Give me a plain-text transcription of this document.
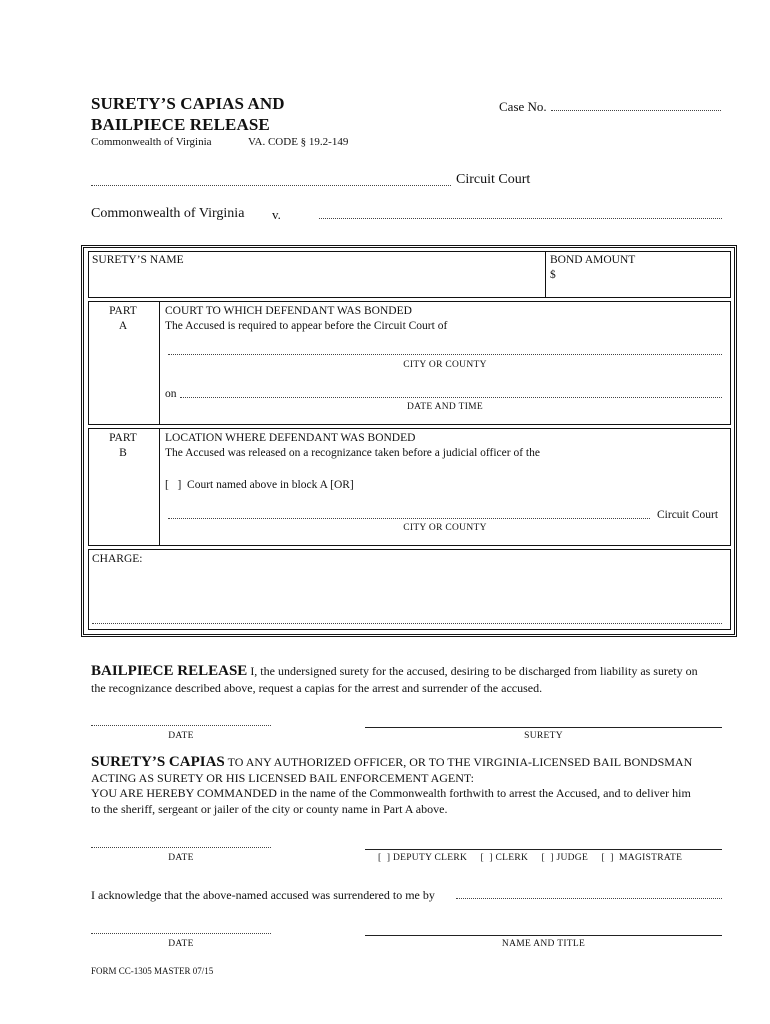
SURETY’S CAPIAS AND
BAILPIECE RELEASE
Commonwealth of Virginia	VA. CODE § 19.2-149
Case No.
Circuit Court
Commonwealth of Virginia v.
SURETY’S NAME	BOND AMOUNT
$
PART
A
COURT TO WHICH DEFENDANT WAS BONDED
The Accused is required to appear before the Circuit Court of
CITY OR COUNTY
on
DATE AND TIME
PART
B
LOCATION WHERE DEFENDANT WAS BONDED
The Accused was released on a recognizance taken before a judicial officer of the
[   ]  Court named above in block A [OR]
Circuit Court
CITY OR COUNTY
CHARGE:
BAILPIECE RELEASE I, the undersigned surety for the accused, desiring to be discharged from liability as surety on
the recognizance described above, request a capias for the arrest and surrender of the accused.
DATE	SURETY
SURETY’S CAPIAS TO ANY AUTHORIZED OFFICER, OR TO THE VIRGINIA-LICENSED BAIL BONDSMAN
ACTING AS SURETY OR HIS LICENSED BAIL ENFORCEMENT AGENT:
YOU ARE HEREBY COMMANDED in the name of the Commonwealth forthwith to arrest the Accused, and to deliver him
to the sheriff, sergeant or jailer of the city or county name in Part A above.
DATE	[  ] DEPUTY CLERK     [  ] CLERK     [  ] JUDGE     [  ]  MAGISTRATE
I acknowledge that the above-named accused was surrendered to me by
DATE	NAME AND TITLE
FORM CC-1305 MASTER 07/15
